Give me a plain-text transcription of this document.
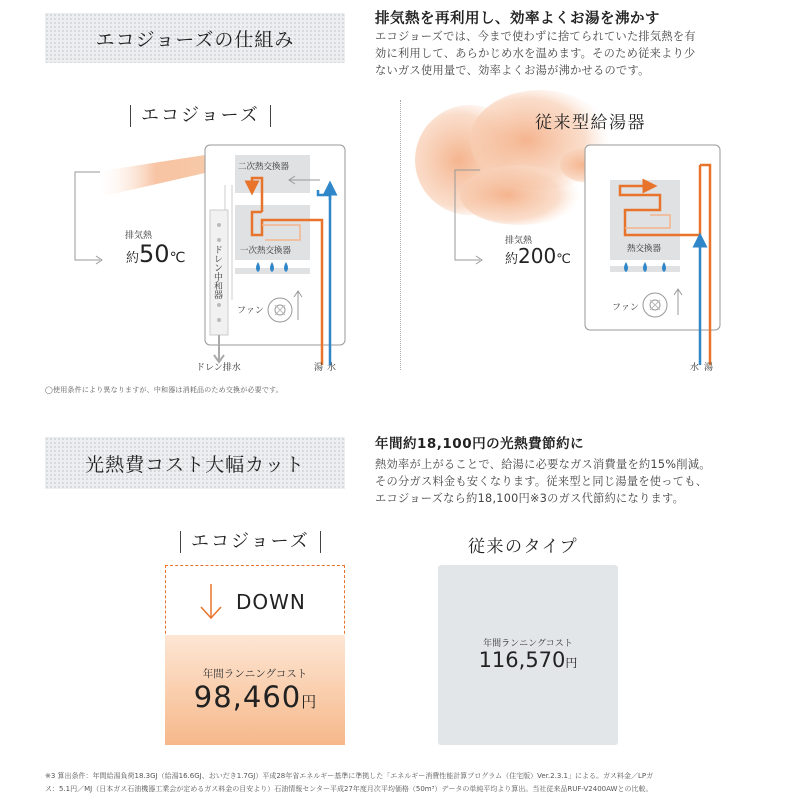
エコジョーズの仕組み
排気熱を再利用し、効率よくお湯を沸かす
エコジョーズでは、今まで使わずに捨てられていた排気熱を有
効に利用して、あらかじめ水を温めます。そのため従来より少
ないガス使用量で、効率よくお湯が沸かせるのです。
エコジョーズ
二次熱交換器
一次熱交換器
ドレン中和器
ファン
ドレン排水	湯 水
排気熱
約50℃
従来型給湯器
熱交換器
ファン
水 湯
排気熱
約200℃
◯使用条件により異なりますが、中和器は消耗品のため交換が必要です。
光熱費コスト大幅カット
年間約18,100円の光熱費節約に
熱効率が上がることで、給湯に必要なガス消費量を約15%削減。
その分ガス料金も安くなります。従来型と同じ湯量を使っても、
エコジョーズなら約18,100円※3のガス代節約になります。
エコジョーズ
DOWN
年間ランニングコスト
98,460円
従来のタイプ
年間ランニングコスト
116,570円
※3 算出条件：年間給湯負荷18.3GJ（給湯16.6GJ、おいだき1.7GJ）平成28年省エネルギー基準に準拠した「エネルギー消費性能計算プログラム（住宅版）Ver.2.3.1」による。ガス料金／LPガ
ス：5.1円／MJ（日本ガス石油機器工業会が定めるガス料金の目安より）石油情報センター平成27年度月次平均価格（50m³）データの単純平均より算出。当社従来品RUF-V2400AWとの比較。
